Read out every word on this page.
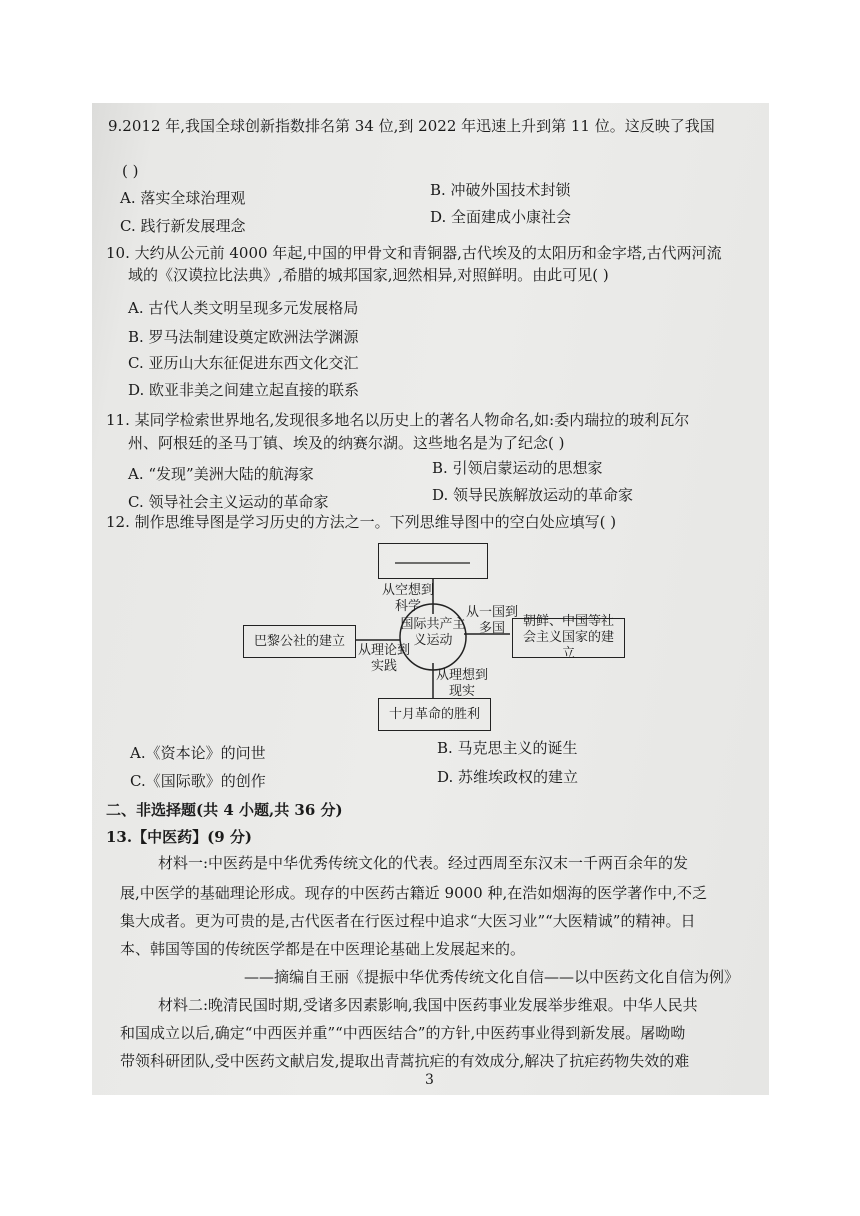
9.2012 年,我国全球创新指数排名第 34 位,到 2022 年迅速上升到第 11 位。这反映了我国
( )
A. 落实全球治理观	B. 冲破外国技术封锁
C. 践行新发展理念	D. 全面建成小康社会
10. 大约从公元前 4000 年起,中国的甲骨文和青铜器,古代埃及的太阳历和金字塔,古代两河流
域的《汉谟拉比法典》,希腊的城邦国家,迥然相异,对照鲜明。由此可见( )
A. 古代人类文明呈现多元发展格局
B. 罗马法制建设奠定欧洲法学渊源
C. 亚历山大东征促进东西文化交汇
D. 欧亚非美之间建立起直接的联系
11. 某同学检索世界地名,发现很多地名以历史上的著名人物命名,如:委内瑞拉的玻利瓦尔
州、阿根廷的圣马丁镇、埃及的纳赛尔湖。这些地名是为了纪念( )
A. “发现”美洲大陆的航海家	B. 引领启蒙运动的思想家
C. 领导社会主义运动的革命家	D. 领导民族解放运动的革命家
12. 制作思维导图是学习历史的方法之一。下列思维导图中的空白处应填写( )
国际共产主义运动
巴黎公社的建立
朝鲜、中国等社会主义国家的建立
十月革命的胜利
从空想到科学	从一国到多国
从理论到实践
从理想到现实
A.《资本论》的问世	B. 马克思主义的诞生
C.《国际歌》的创作	D. 苏维埃政权的建立
二、非选择题(共 4 小题,共 36 分)
13.【中医药】(9 分)
材料一:中医药是中华优秀传统文化的代表。经过西周至东汉末一千两百余年的发
展,中医学的基础理论形成。现存的中医药古籍近 9000 种,在浩如烟海的医学著作中,不乏
集大成者。更为可贵的是,古代医者在行医过程中追求“大医习业”“大医精诚”的精神。日
本、韩国等国的传统医学都是在中医理论基础上发展起来的。
——摘编自王丽《提振中华优秀传统文化自信——以中医药文化自信为例》
材料二:晚清民国时期,受诸多因素影响,我国中医药事业发展举步维艰。中华人民共
和国成立以后,确定“中西医并重”“中西医结合”的方针,中医药事业得到新发展。屠呦呦
带领科研团队,受中医药文献启发,提取出青蒿抗疟的有效成分,解决了抗疟药物失效的难
3
